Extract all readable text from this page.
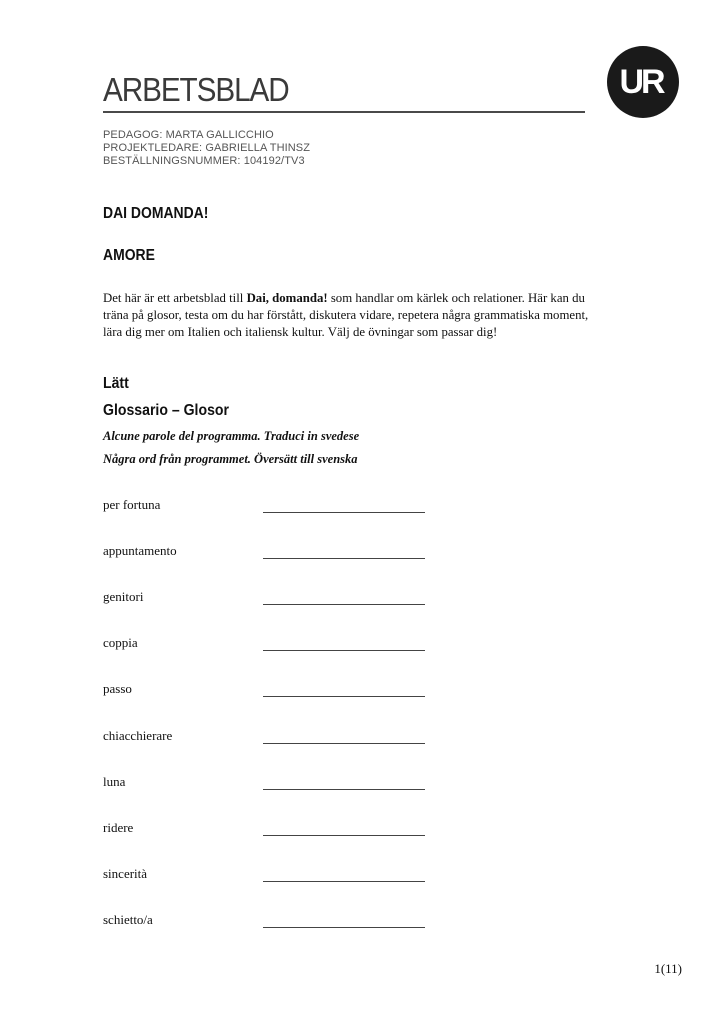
UR
ARBETSBLAD
PEDAGOG: MARTA GALLICCHIO
PROJEKTLEDARE: GABRIELLA THINSZ
BESTÄLLNINGSNUMMER: 104192/TV3
DAI DOMANDA!
AMORE
Det här är ett arbetsblad till Dai, domanda! som handlar om kärlek och relationer. Här kan du träna på glosor, testa om du har förstått, diskutera vidare, repetera några grammatiska moment, lära dig mer om Italien och italiensk kultur. Välj de övningar som passar dig!
Lätt
Glossario – Glosor
Alcune parole del programma. Traduci in svedese
Några ord från programmet. Översätt till svenska
per fortuna
appuntamento
genitori
coppia
passo
chiacchierare
luna
ridere
sincerità
schietto/a
1(11)
